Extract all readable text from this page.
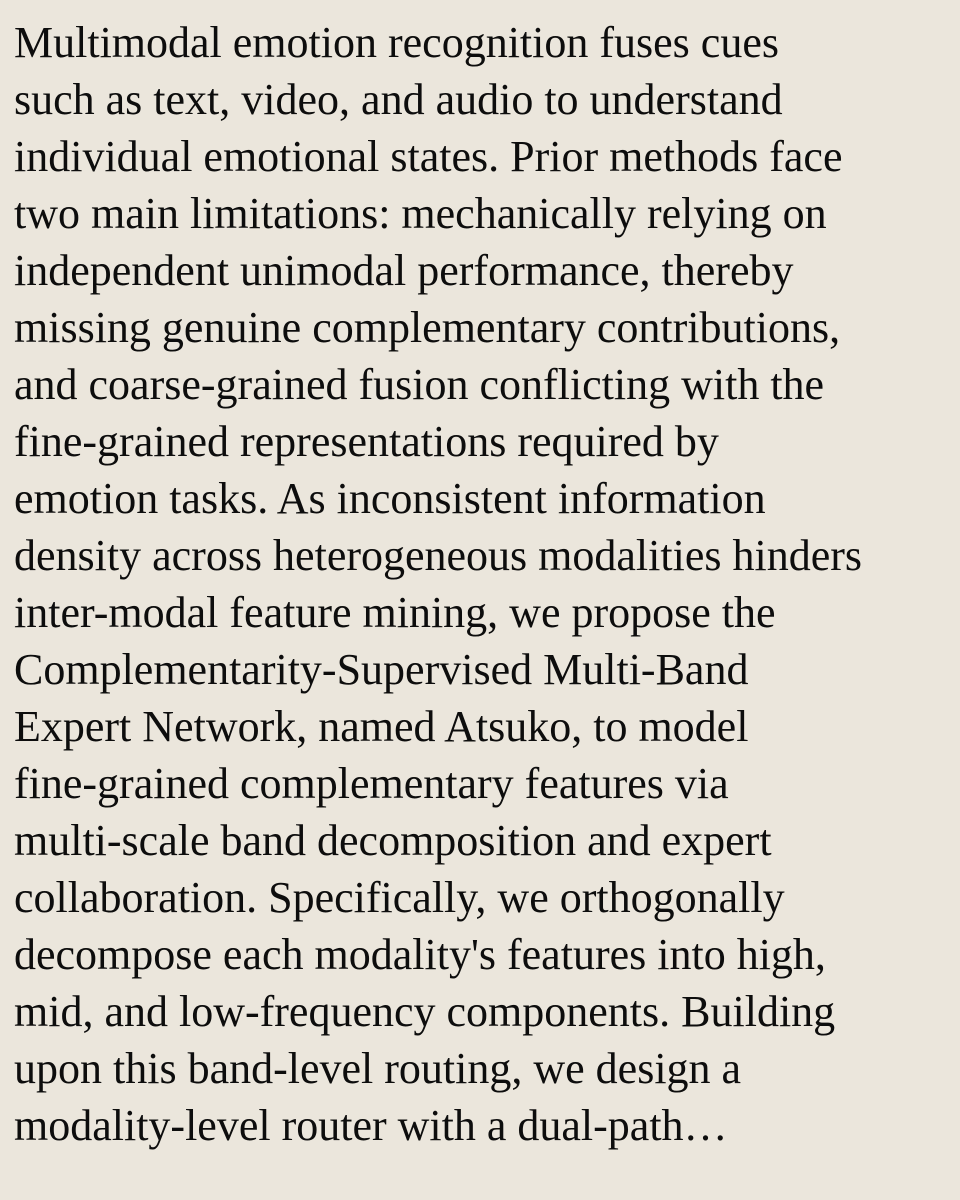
Multimodal emotion recognition fuses cues
such as text, video, and audio to understand
individual emotional states. Prior methods face
two main limitations: mechanically relying on
independent unimodal performance, thereby
missing genuine complementary contributions,
and coarse-grained fusion conflicting with the
fine-grained representations required by
emotion tasks. As inconsistent information
density across heterogeneous modalities hinders
inter-modal feature mining, we propose the
Complementarity-Supervised Multi-Band
Expert Network, named Atsuko, to model
fine-grained complementary features via
multi-scale band decomposition and expert
collaboration. Specifically, we orthogonally
decompose each modality's features into high,
mid, and low-frequency components. Building
upon this band-level routing, we design a
modality-level router with a dual-path…
